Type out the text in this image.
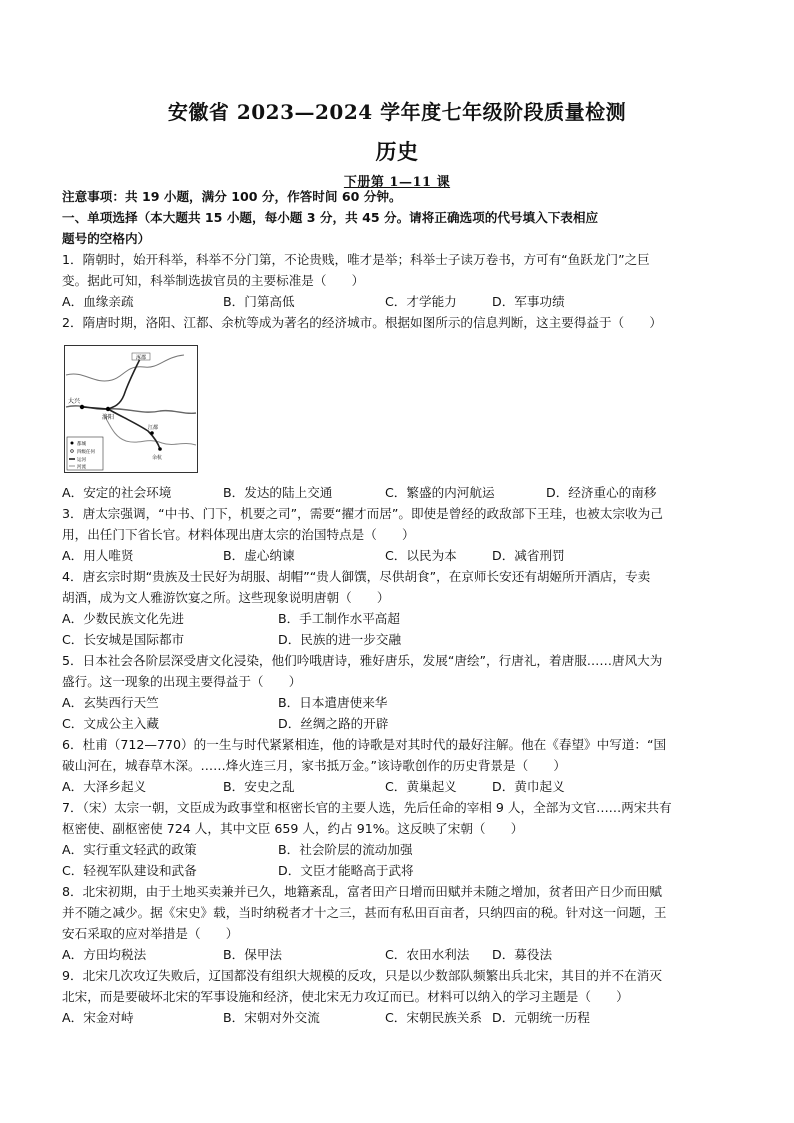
安徽省 2023—2024 学年度七年级阶段质量检测
历史
下册第 1—11 课
注意事项：共 19 小题，满分 100 分，作答时间 60 分钟。
一、单项选择（本大题共 15 小题，每小题 3 分，共 45 分。请将正确选项的代号填入下表相应
题号的空格内）
1．隋朝时，始开科举，科举不分门第，不论贵贱，唯才是举；科举士子读万卷书，方可有“鱼跃龙门”之巨
变。据此可知，科举制选拔官员的主要标准是（　　）
A．血缘亲疏	B．门第高低	C．才学能力	D．军事功绩
2．隋唐时期，洛阳、江都、余杭等成为著名的经济城市。根据如图所示的信息判断，这主要得益于（　　）
涿郡
大兴
洛阳
江都
余杭
都城
四级任何
运河
河流
A．安定的社会环境	B．发达的陆上交通	C．繁盛的内河航运	D．经济重心的南移
3．唐太宗强调，“中书、门下，机要之司”，需要“擢才而居”。即使是曾经的政敌部下王珪，也被太宗收为己
用，出任门下省长官。材料体现出唐太宗的治国特点是（　　）
A．用人唯贤	B．虚心纳谏	C．以民为本	D．减省刑罚
4．唐玄宗时期“贵族及士民好为胡服、胡帽”“贵人御馔，尽供胡食”，在京师长安还有胡姬所开酒店，专卖
胡酒，成为文人雅游饮宴之所。这些现象说明唐朝（　　）
A．少数民族文化先进	B．手工制作水平高超
C．长安城是国际都市	D．民族的进一步交融
5．日本社会各阶层深受唐文化浸染，他们吟哦唐诗，雅好唐乐，发展“唐绘”，行唐礼，着唐服……唐风大为
盛行。这一现象的出现主要得益于（　　）
A．玄奘西行天竺	B．日本遣唐使来华
C．文成公主入藏	D．丝绸之路的开辟
6．杜甫（712—770）的一生与时代紧紧相连，他的诗歌是对其时代的最好注解。他在《春望》中写道：“国
破山河在，城春草木深。……烽火连三月，家书抵万金。”该诗歌创作的历史背景是（　　）
A．大泽乡起义	B．安史之乱	C．黄巢起义	D．黄巾起义
7．（宋）太宗一朝，文臣成为政事堂和枢密长官的主要人选，先后任命的宰相 9 人，全部为文官……两宋共有
枢密使、副枢密使 724 人，其中文臣 659 人，约占 91%。这反映了宋朝（　　）
A．实行重文轻武的政策	B．社会阶层的流动加强
C．轻视军队建设和武备	D．文臣才能略高于武将
8．北宋初期，由于土地买卖兼并已久，地籍紊乱，富者田产日增而田赋并未随之增加，贫者田产日少而田赋
并不随之减少。据《宋史》载，当时纳税者才十之三，甚而有私田百亩者，只纳四亩的税。针对这一问题，王
安石采取的应对举措是（　　）
A．方田均税法	B．保甲法	C．农田水利法 D．募役法
9．北宋几次攻辽失败后，辽国都没有组织大规模的反攻，只是以少数部队频繁出兵北宋，其目的并不在消灭
北宋，而是要破坏北宋的军事设施和经济，使北宋无力攻辽而已。材料可以纳入的学习主题是（　　）
A．宋金对峙	B．宋朝对外交流	C．宋朝民族关系 D．元朝统一历程
